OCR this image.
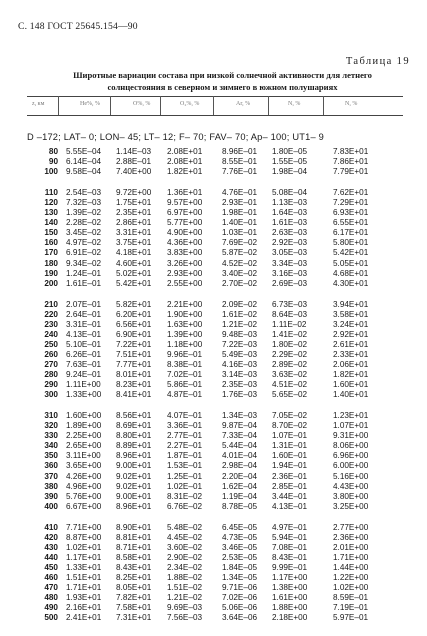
С. 148 ГОСТ 25645.154—90
Таблица 19
Широтные вариации состава при низкой солнечной активности для летнего
солнцестояния в северном и зимнего в южном полушариях
z, км	He%, %	O%, %	O₂%, %	Ar, %	N, %	N, %
D –172; LAT– 0; LON– 45; LT– 12; F– 70; FAV– 70; Ap– 100; UT1– 9
80 5.55E–04 1.14E–03 2.08E+01 8.96E–01 1.80E–05	7.83E+01
90 6.14E–04 2.88E–01 2.08E+01 8.55E–01 1.55E–05	7.86E+01
100 9.58E–04 7.40E+00 1.82E+01 7.76E–01 1.98E–04	7.79E+01
110 2.54E–03 9.72E+00 1.36E+01 4.76E–01 5.08E–04	7.62E+01
120 7.32E–03 1.75E+01 9.57E+00 2.93E–01 1.13E–03	7.29E+01
130 1.39E–02 2.35E+01 6.97E+00 1.98E–01 1.64E–03	6.93E+01
140 2.28E–02 2.86E+01 5.77E+00 1.40E–01 1.61E–03	6.55E+01
150 3.45E–02 3.31E+01 4.90E+00 1.03E–01 2.63E–03	6.17E+01
160 4.97E–02 3.75E+01 4.36E+00 7.69E–02 2.92E–03	5.80E+01
170 6.91E–02 4.18E+01 3.83E+00 5.87E–02 3.05E–03	5.42E+01
180 9.34E–02 4.60E+01 3.26E+00 4.52E–02 3.34E–03	5.05E+01
190 1.24E–01 5.02E+01 2.93E+00 3.40E–02 3.16E–03	4.68E+01
200 1.61E–01 5.42E+01 2.55E+00 2.70E–02 2.69E–03	4.30E+01
210 2.07E–01 5.82E+01 2.21E+00 2.09E–02 6.73E–03	3.94E+01
220 2.64E–01 6.20E+01 1.90E+00 1.61E–02 8.64E–03	3.58E+01
230 3.31E–01 6.56E+01 1.63E+00 1.21E–02 1.11E–02	3.24E+01
240 4.13E–01 6.90E+01 1.39E+00 9.48E–03 1.41E–02	2.92E+01
250 5.10E–01 7.22E+01 1.18E+00 7.22E–03 1.80E–02	2.61E+01
260 6.26E–01 7.51E+01 9.96E–01 5.49E–03 2.29E–02	2.33E+01
270 7.63E–01 7.77E+01 8.38E–01 4.16E–03 2.89E–02	2.06E+01
280 9.24E–01 8.01E+01 7.02E–01 3.14E–03 3.63E–02	1.82E+01
290 1.11E+00 8.23E+01 5.86E–01 2.35E–03 4.51E–02	1.60E+01
300 1.33E+00 8.41E+01 4.87E–01 1.76E–03 5.65E–02	1.40E+01
310 1.60E+00 8.56E+01 4.07E–01 1.34E–03 7.05E–02	1.23E+01
320 1.89E+00 8.69E+01 3.36E–01 9.87E–04 8.70E–02	1.07E+01
330 2.25E+00 8.80E+01 2.77E–01 7.33E–04 1.07E–01	9.31E+00
340 2.65E+00 8.89E+01 2.27E–01 5.44E–04 1.31E–01	8.06E+00
350 3.11E+00 8.96E+01 1.87E–01 4.01E–04 1.60E–01	6.96E+00
360 3.65E+00 9.00E+01 1.53E–01 2.98E–04 1.94E–01	6.00E+00
370 4.26E+00 9.02E+01 1.25E–01 2.20E–04 2.36E–01	5.16E+00
380 4.96E+00 9.02E+01 1.02E–01 1.62E–04 2.85E–01	4.43E+00
390 5.76E+00 9.00E+01 8.31E–02 1.19E–04 3.44E–01	3.80E+00
400 6.67E+00 8.96E+01 6.76E–02 8.78E–05 4.13E–01	3.25E+00
410 7.71E+00 8.90E+01 5.48E–02 6.45E–05 4.97E–01	2.77E+00
420 8.87E+00 8.81E+01 4.45E–02 4.73E–05 5.94E–01	2.36E+00
430 1.02E+01 8.71E+01 3.60E–02 3.46E–05 7.08E–01	2.01E+00
440 1.17E+01 8.58E+01 2.90E–02 2.53E–05 8.43E–01	1.71E+00
450 1.33E+01 8.43E+01 2.34E–02 1.84E–05 9.99E–01	1.44E+00
460 1.51E+01 8.25E+01 1.88E–02 1.34E–05 1.17E+00	1.22E+00
470 1.71E+01 8.05E+01 1.51E–02 9.71E–06 1.38E+00	1.02E+00
480 1.93E+01 7.82E+01 1.21E–02 7.02E–06 1.61E+00	8.59E–01
490 2.16E+01 7.58E+01 9.69E–03 5.06E–06 1.88E+00	7.19E–01
500 2.41E+01 7.31E+01 7.56E–03 3.64E–06 2.18E+00	5.97E–01
